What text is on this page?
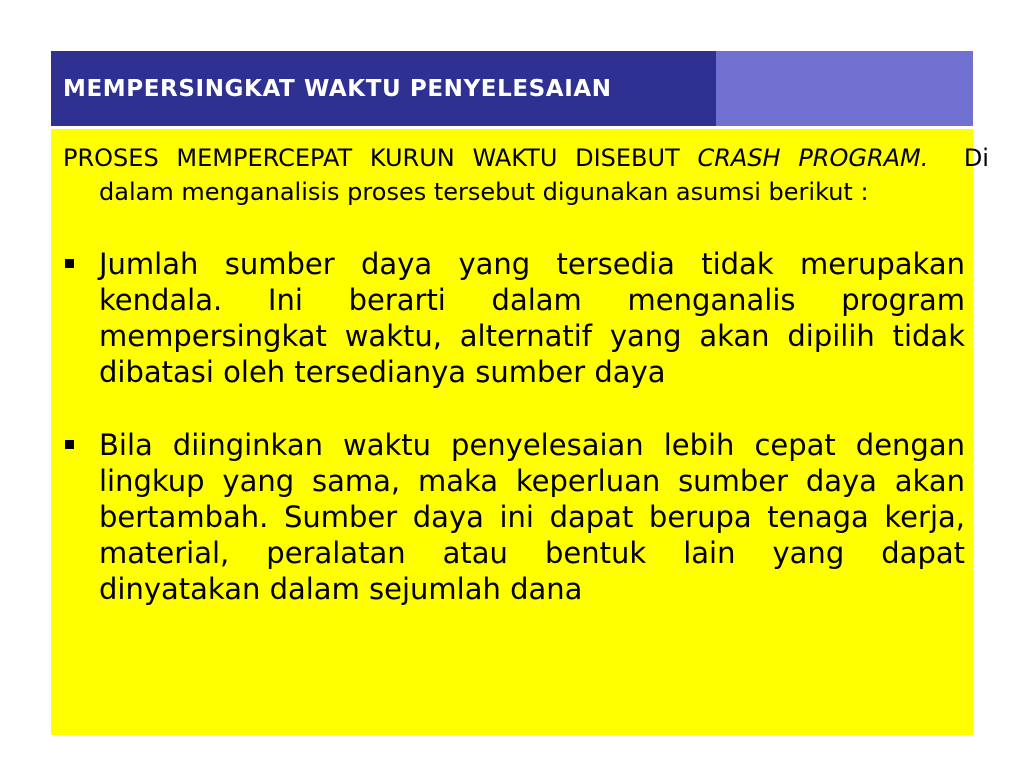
MEMPERSINGKAT WAKTU PENYELESAIAN

PROSES MEMPERCEPAT KURUN WAKTU DISEBUT CRASH PROGRAM. Di dalam menganalisis proses tersebut digunakan asumsi berikut :

Jumlah sumber daya yang tersedia tidak merupakan kendala. Ini berarti dalam menganalis program mempersingkat waktu, alternatif yang akan dipilih tidak dibatasi oleh tersedianya sumber daya
Bila diinginkan waktu penyelesaian lebih cepat dengan lingkup yang sama, maka keperluan sumber daya akan bertambah. Sumber daya ini dapat berupa tenaga kerja, material, peralatan atau bentuk lain yang dapat dinyatakan dalam sejumlah dana
